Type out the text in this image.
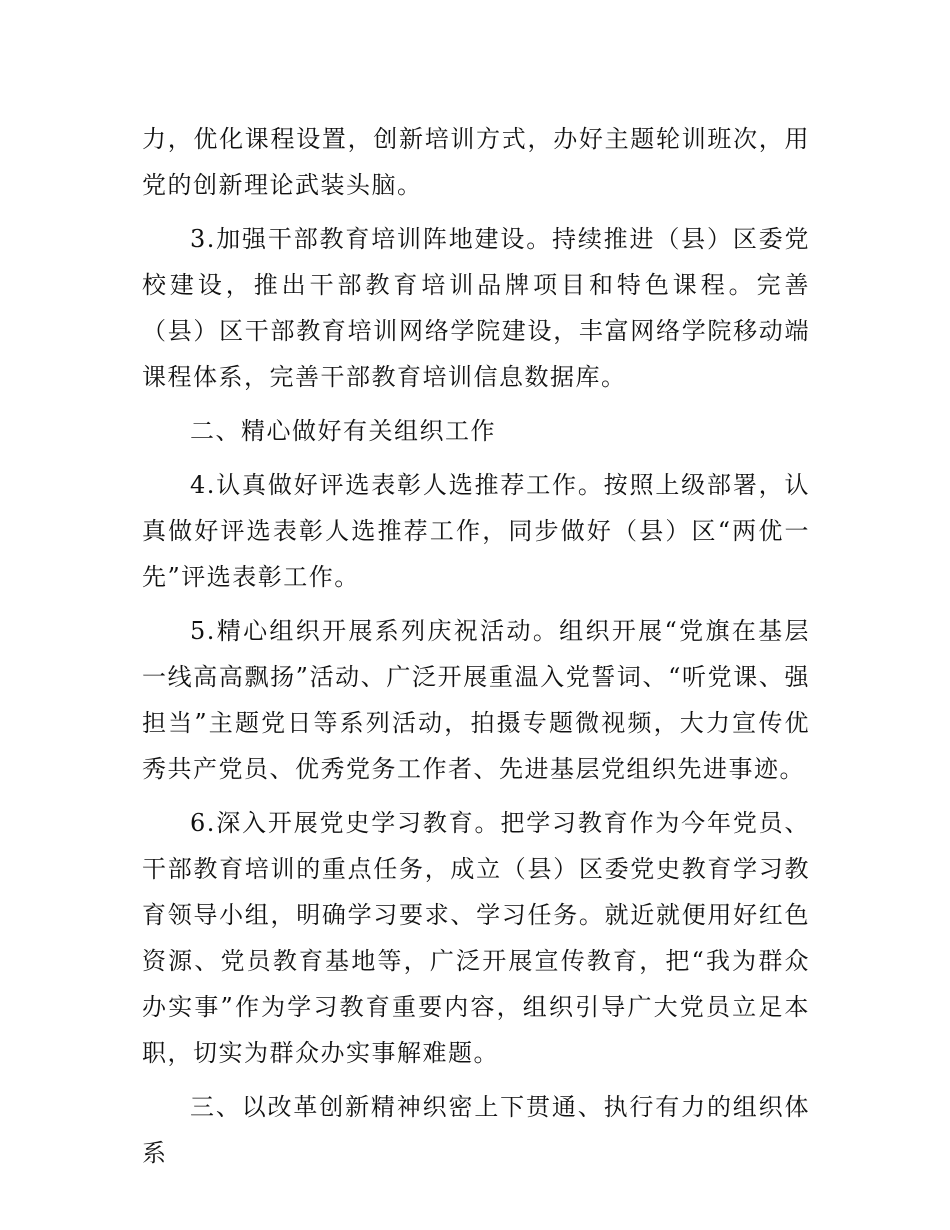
力，优化课程设置，创新培训方式，办好主题轮训班次，用党的创新理论武装头脑。

3.加强干部教育培训阵地建设。持续推进（县）区委党校建设，推出干部教育培训品牌项目和特色课程。完善（县）区干部教育培训网络学院建设，丰富网络学院移动端课程体系，完善干部教育培训信息数据库。

二、精心做好有关组织工作

4.认真做好评选表彰人选推荐工作。按照上级部署，认真做好评选表彰人选推荐工作，同步做好（县）区“两优一先”评选表彰工作。

5.精心组织开展系列庆祝活动。组织开展“党旗在基层一线高高飘扬”活动、广泛开展重温入党誓词、“听党课、强担当”主题党日等系列活动，拍摄专题微视频，大力宣传优秀共产党员、优秀党务工作者、先进基层党组织先进事迹。

6.深入开展党史学习教育。把学习教育作为今年党员、干部教育培训的重点任务，成立（县）区委党史教育学习教育领导小组，明确学习要求、学习任务。就近就便用好红色资源、党员教育基地等，广泛开展宣传教育，把“我为群众办实事”作为学习教育重要内容，组织引导广大党员立足本职，切实为群众办实事解难题。

三、以改革创新精神织密上下贯通、执行有力的组织体系
